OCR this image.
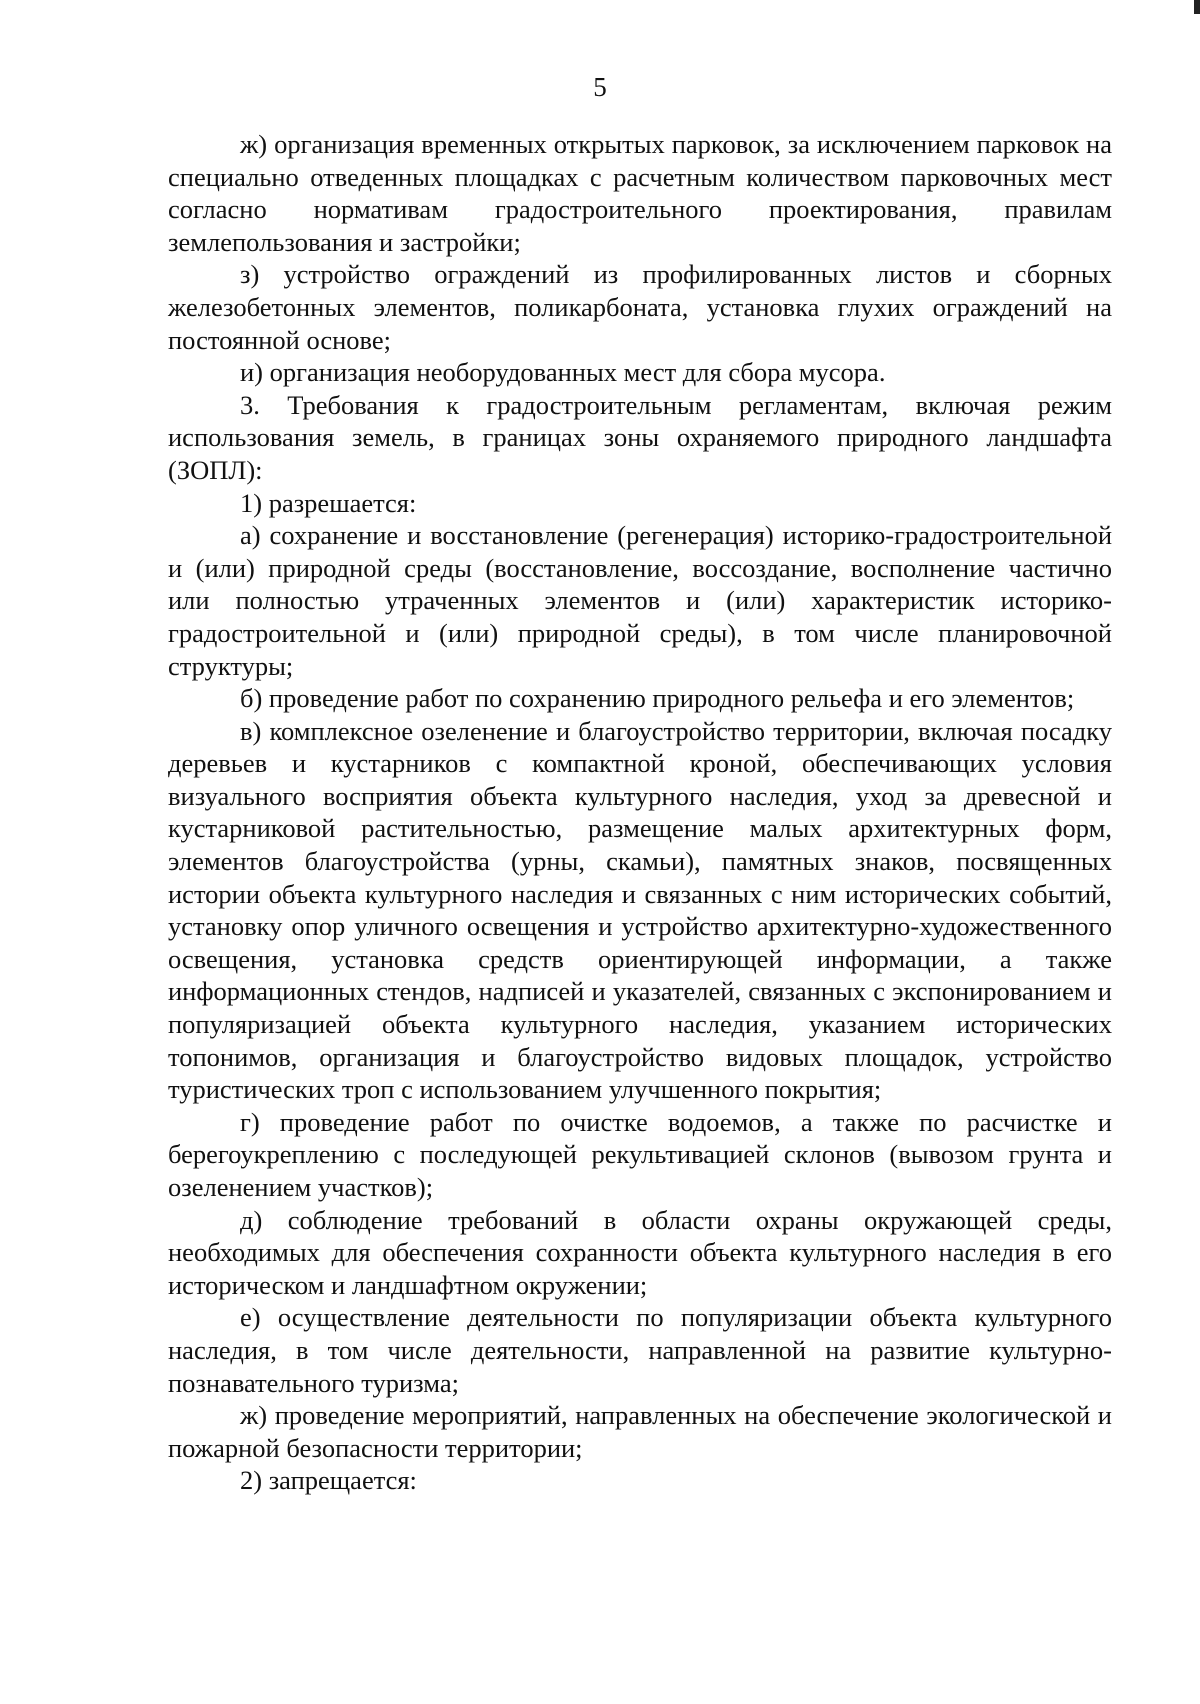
5

ж) организация временных открытых парковок, за исключением парковок на специально отведенных площадках с расчетным количеством парковочных мест согласно нормативам градостроительного проектирования, правилам землепользования и застройки;

з) устройство ограждений из профилированных листов и сборных железобетонных элементов, поликарбоната, установка глухих ограждений на постоянной основе;

и) организация необорудованных мест для сбора мусора.

3. Требования к градостроительным регламентам, включая режим использования земель, в границах зоны охраняемого природного ландшафта (ЗОПЛ):

1) разрешается:

а) сохранение и восстановление (регенерация) историко-градостроительной и (или) природной среды (восстановление, воссоздание, восполнение частично или полностью утраченных элементов и (или) характеристик историко-градостроительной и (или) природной среды), в том числе планировочной структуры;

б) проведение работ по сохранению природного рельефа и его элементов;

в) комплексное озеленение и благоустройство территории, включая посадку деревьев и кустарников с компактной кроной, обеспечивающих условия визуального восприятия объекта культурного наследия, уход за древесной и кустарниковой растительностью, размещение малых архитектурных форм, элементов благоустройства (урны, скамьи), памятных знаков, посвященных истории объекта культурного наследия и связанных с ним исторических событий, установку опор уличного освещения и устройство архитектурно-художественного освещения, установка средств ориентирующей информации, а также информационных стендов, надписей и указателей, связанных с экспонированием и популяризацией объекта культурного наследия, указанием исторических топонимов, организация и благоустройство видовых площадок, устройство туристических троп с использованием улучшенного покрытия;

г) проведение работ по очистке водоемов, а также по расчистке и берегоукреплению с последующей рекультивацией склонов (вывозом грунта и озеленением участков);

д) соблюдение требований в области охраны окружающей среды, необходимых для обеспечения сохранности объекта культурного наследия в его историческом и ландшафтном окружении;

е) осуществление деятельности по популяризации объекта культурного наследия, в том числе деятельности, направленной на развитие культурно-познавательного туризма;

ж) проведение мероприятий, направленных на обеспечение экологической и пожарной безопасности территории;

2) запрещается:
